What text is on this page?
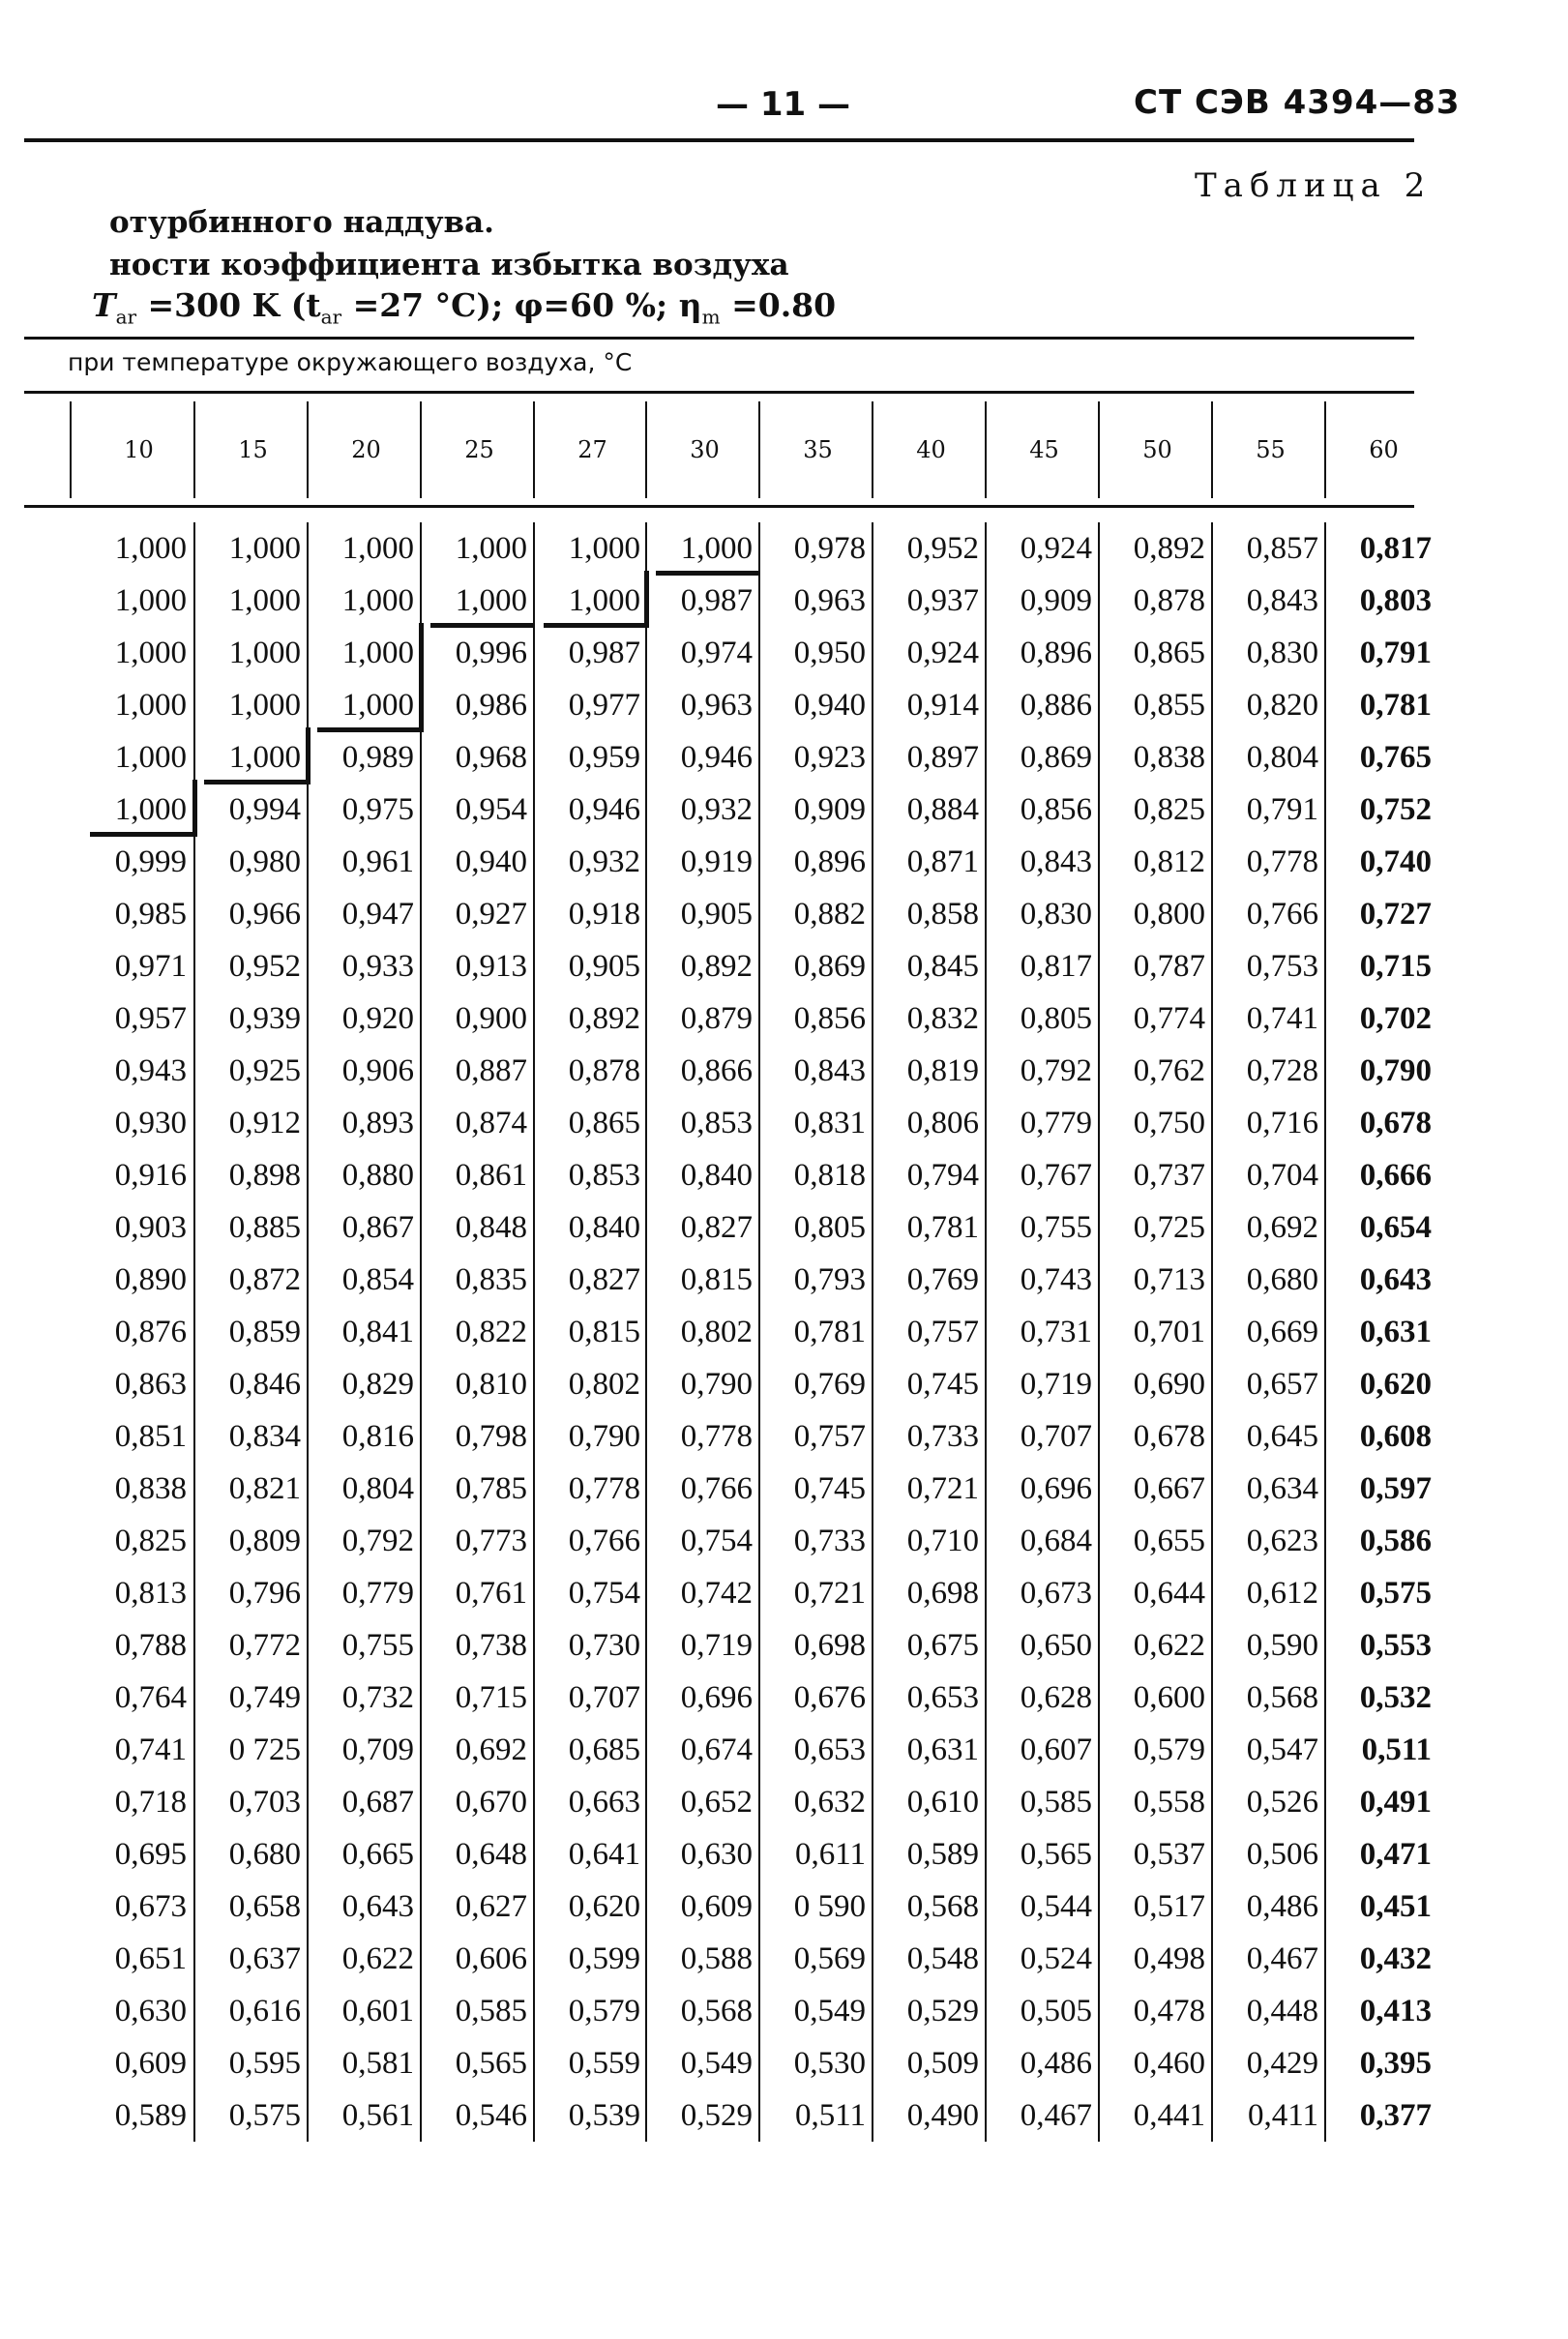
— 11 —	СТ СЭВ 4394—83
Таблица 2
отурбинного наддува.
ности коэффициента избытка воздуха
$T_{ar} =300$ K ($t_{ar} =27$ °C); φ=60 %; $\eta_m =0.80$
при температуре окружающего воздуха, °C
10	15	20	25	27	30	35	40	45	50	55	60
1,000	1,000	1,000	1,000	1,000	1,000	0,978	0,952	0,924	0,892	0,857	0,817
1,000	1,000	1,000	1,000	1,000	0,987	0,963	0,937	0,909	0,878	0,843	0,803
1,000	1,000	1,000	0,996	0,987	0,974	0,950	0,924	0,896	0,865	0,830	0,791
1,000	1,000	1,000	0,986	0,977	0,963	0,940	0,914	0,886	0,855	0,820	0,781
1,000	1,000	0,989	0,968	0,959	0,946	0,923	0,897	0,869	0,838	0,804	0,765
1,000	0,994	0,975	0,954	0,946	0,932	0,909	0,884	0,856	0,825	0,791	0,752
0,999	0,980	0,961	0,940	0,932	0,919	0,896	0,871	0,843	0,812	0,778	0,740
0,985	0,966	0,947	0,927	0,918	0,905	0,882	0,858	0,830	0,800	0,766	0,727
0,971	0,952	0,933	0,913	0,905	0,892	0,869	0,845	0,817	0,787	0,753	0,715
0,957	0,939	0,920	0,900	0,892	0,879	0,856	0,832	0,805	0,774	0,741	0,702
0,943	0,925	0,906	0,887	0,878	0,866	0,843	0,819	0,792	0,762	0,728	0,790
0,930	0,912	0,893	0,874	0,865	0,853	0,831	0,806	0,779	0,750	0,716	0,678
0,916	0,898	0,880	0,861	0,853	0,840	0,818	0,794	0,767	0,737	0,704	0,666
0,903	0,885	0,867	0,848	0,840	0,827	0,805	0,781	0,755	0,725	0,692	0,654
0,890	0,872	0,854	0,835	0,827	0,815	0,793	0,769	0,743	0,713	0,680	0,643
0,876	0,859	0,841	0,822	0,815	0,802	0,781	0,757	0,731	0,701	0,669	0,631
0,863	0,846	0,829	0,810	0,802	0,790	0,769	0,745	0,719	0,690	0,657	0,620
0,851	0,834	0,816	0,798	0,790	0,778	0,757	0,733	0,707	0,678	0,645	0,608
0,838	0,821	0,804	0,785	0,778	0,766	0,745	0,721	0,696	0,667	0,634	0,597
0,825	0,809	0,792	0,773	0,766	0,754	0,733	0,710	0,684	0,655	0,623	0,586
0,813	0,796	0,779	0,761	0,754	0,742	0,721	0,698	0,673	0,644	0,612	0,575
0,788	0,772	0,755	0,738	0,730	0,719	0,698	0,675	0,650	0,622	0,590	0,553
0,764	0,749	0,732	0,715	0,707	0,696	0,676	0,653	0,628	0,600	0,568	0,532
0,741	0 725	0,709	0,692	0,685	0,674	0,653	0,631	0,607	0,579	0,547	0,511
0,718	0,703	0,687	0,670	0,663	0,652	0,632	0,610	0,585	0,558	0,526	0,491
0,695	0,680	0,665	0,648	0,641	0,630	0,611	0,589	0,565	0,537	0,506	0,471
0,673	0,658	0,643	0,627	0,620	0,609	0 590	0,568	0,544	0,517	0,486	0,451
0,651	0,637	0,622	0,606	0,599	0,588	0,569	0,548	0,524	0,498	0,467	0,432
0,630	0,616	0,601	0,585	0,579	0,568	0,549	0,529	0,505	0,478	0,448	0,413
0,609	0,595	0,581	0,565	0,559	0,549	0,530	0,509	0,486	0,460	0,429	0,395
0,589	0,575	0,561	0,546	0,539	0,529	0,511	0,490	0,467	0,441	0,411	0,377
